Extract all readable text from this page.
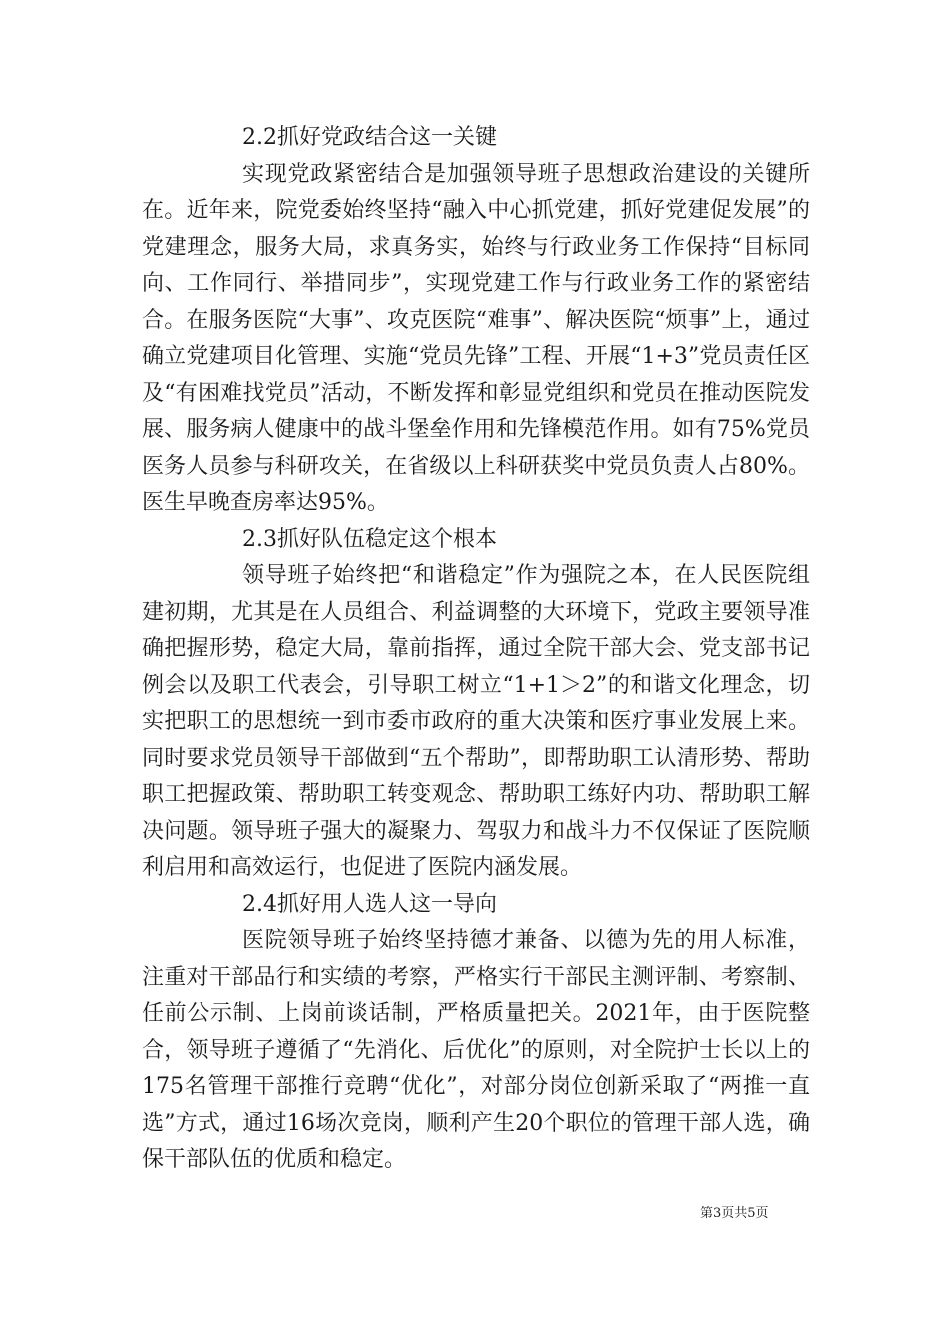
2.2抓好党政结合这一关键

实现党政紧密结合是加强领导班子思想政治建设的关键所在。近年来，院党委始终坚持“融入中心抓党建，抓好党建促发展”的党建理念，服务大局，求真务实，始终与行政业务工作保持“目标同向、工作同行、举措同步”，实现党建工作与行政业务工作的紧密结合。在服务医院“大事”、攻克医院“难事”、解决医院“烦事”上，通过确立党建项目化管理、实施“党员先锋”工程、开展“1+3”党员责任区及“有困难找党员”活动，不断发挥和彰显党组织和党员在推动医院发展、服务病人健康中的战斗堡垒作用和先锋模范作用。如有75%党员医务人员参与科研攻关，在省级以上科研获奖中党员负责人占80%。医生早晚查房率达95%。

2.3抓好队伍稳定这个根本

领导班子始终把“和谐稳定”作为强院之本，在人民医院组建初期，尤其是在人员组合、利益调整的大环境下，党政主要领导准确把握形势，稳定大局，靠前指挥，通过全院干部大会、党支部书记例会以及职工代表会，引导职工树立“1+1＞2”的和谐文化理念，切实把职工的思想统一到市委市政府的重大决策和医疗事业发展上来。同时要求党员领导干部做到“五个帮助”，即帮助职工认清形势、帮助职工把握政策、帮助职工转变观念、帮助职工练好内功、帮助职工解决问题。领导班子强大的凝聚力、驾驭力和战斗力不仅保证了医院顺利启用和高效运行，也促进了医院内涵发展。

2.4抓好用人选人这一导向

医院领导班子始终坚持德才兼备、以德为先的用人标准，注重对干部品行和实绩的考察，严格实行干部民主测评制、考察制、任前公示制、上岗前谈话制，严格质量把关。2021年，由于医院整合，领导班子遵循了“先消化、后优化”的原则，对全院护士长以上的175名管理干部推行竞聘“优化”，对部分岗位创新采取了“两推一直选”方式，通过16场次竞岗，顺利产生20个职位的管理干部人选，确保干部队伍的优质和稳定。

第3页共5页
